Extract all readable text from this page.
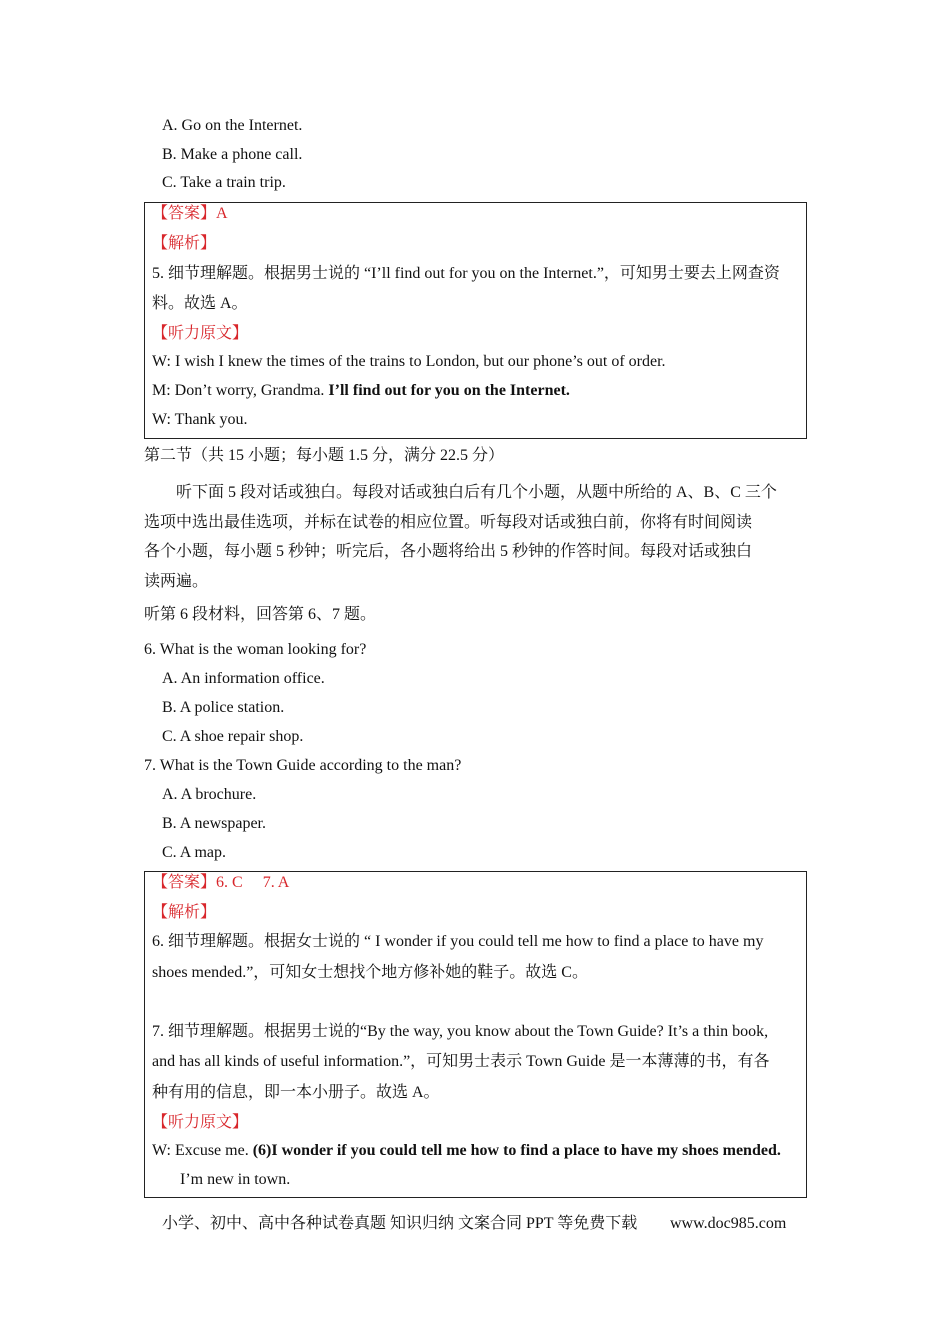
A. Go on the Internet.
B. Make a phone call.
C. Take a train trip.
【答案】A
【解析】
5. 细节理解题。根据男士说的 “I’ll find out for you on the Internet.”，可知男士要去上网查资
料。故选 A。
【听力原文】
W: I wish I knew the times of the trains to London, but our phone’s out of order.
M: Don’t worry, Grandma. I’ll find out for you on the Internet.
W: Thank you.
第二节（共 15 小题；每小题 1.5 分，满分 22.5 分）
听下面 5 段对话或独白。每段对话或独白后有几个小题，从题中所给的 A、B、C 三个
选项中选出最佳选项，并标在试卷的相应位置。听每段对话或独白前，你将有时间阅读
各个小题，每小题 5 秒钟；听完后，各小题将给出 5 秒钟的作答时间。每段对话或独白
读两遍。
听第 6 段材料，回答第 6、7 题。
6. What is the woman looking for?
A. An information office.
B. A police station.
C. A shoe repair shop.
7. What is the Town Guide according to the man?
A. A brochure.
B. A newspaper.
C. A map.
【答案】6. C     7. A
【解析】
6. 细节理解题。根据女士说的 “ I wonder if you could tell me how to find a place to have my
shoes mended.”，可知女士想找个地方修补她的鞋子。故选 C。
7. 细节理解题。根据男士说的“By the way, you know about the Town Guide? It’s a thin book,
and has all kinds of useful information.”，可知男士表示 Town Guide 是一本薄薄的书，有各
种有用的信息，即一本小册子。故选 A。
【听力原文】
W: Excuse me. (6)I wonder if you could tell me how to find a place to have my shoes mended.
I’m new in town.
小学、初中、高中各种试卷真题 知识归纳 文案合同 PPT 等免费下载 www.doc985.com
